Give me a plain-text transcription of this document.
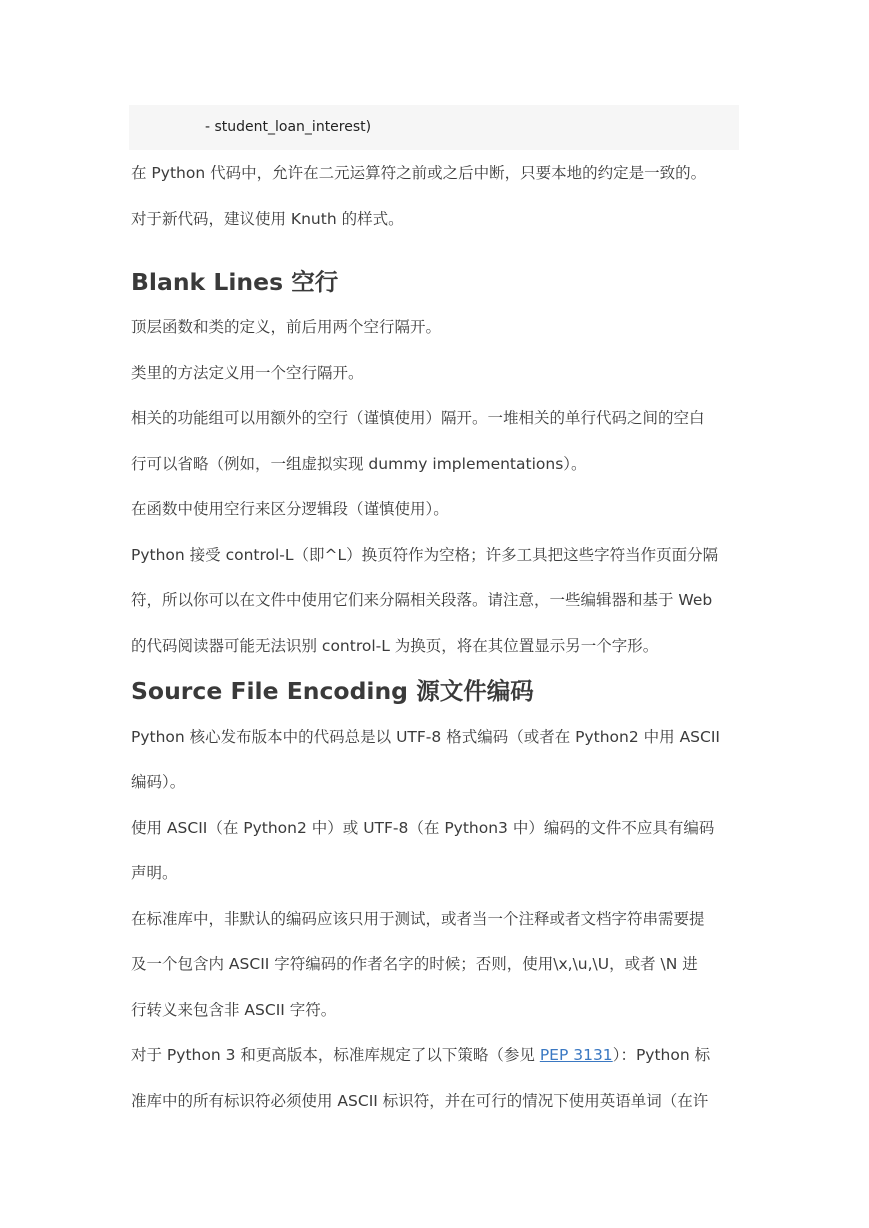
- student_loan_interest)
在 Python 代码中，允许在二元运算符之前或之后中断，只要本地的约定是一致的。
对于新代码，建议使用 Knuth 的样式。
Blank Lines 空行
顶层函数和类的定义，前后用两个空行隔开。
类里的方法定义用一个空行隔开。
相关的功能组可以用额外的空行（谨慎使用）隔开。一堆相关的单行代码之间的空白
行可以省略（例如，一组虚拟实现 dummy implementations）。
在函数中使用空行来区分逻辑段（谨慎使用）。
Python 接受 control-L（即^L）换页符作为空格；许多工具把这些字符当作页面分隔
符，所以你可以在文件中使用它们来分隔相关段落。请注意，一些编辑器和基于 Web
的代码阅读器可能无法识别 control-L 为换页，将在其位置显示另一个字形。
Source File Encoding 源文件编码
Python 核心发布版本中的代码总是以 UTF-8 格式编码（或者在 Python2 中用 ASCII
编码）。
使用 ASCII（在 Python2 中）或 UTF-8（在 Python3 中）编码的文件不应具有编码
声明。
在标准库中，非默认的编码应该只用于测试，或者当一个注释或者文档字符串需要提
及一个包含内 ASCII 字符编码的作者名字的时候；否则，使用\x,\u,\U，或者 \N 进
行转义来包含非 ASCII 字符。
对于 Python 3 和更高版本，标准库规定了以下策略（参见 PEP 3131）：Python 标
准库中的所有标识符必须使用 ASCII 标识符，并在可行的情况下使用英语单词（在许
